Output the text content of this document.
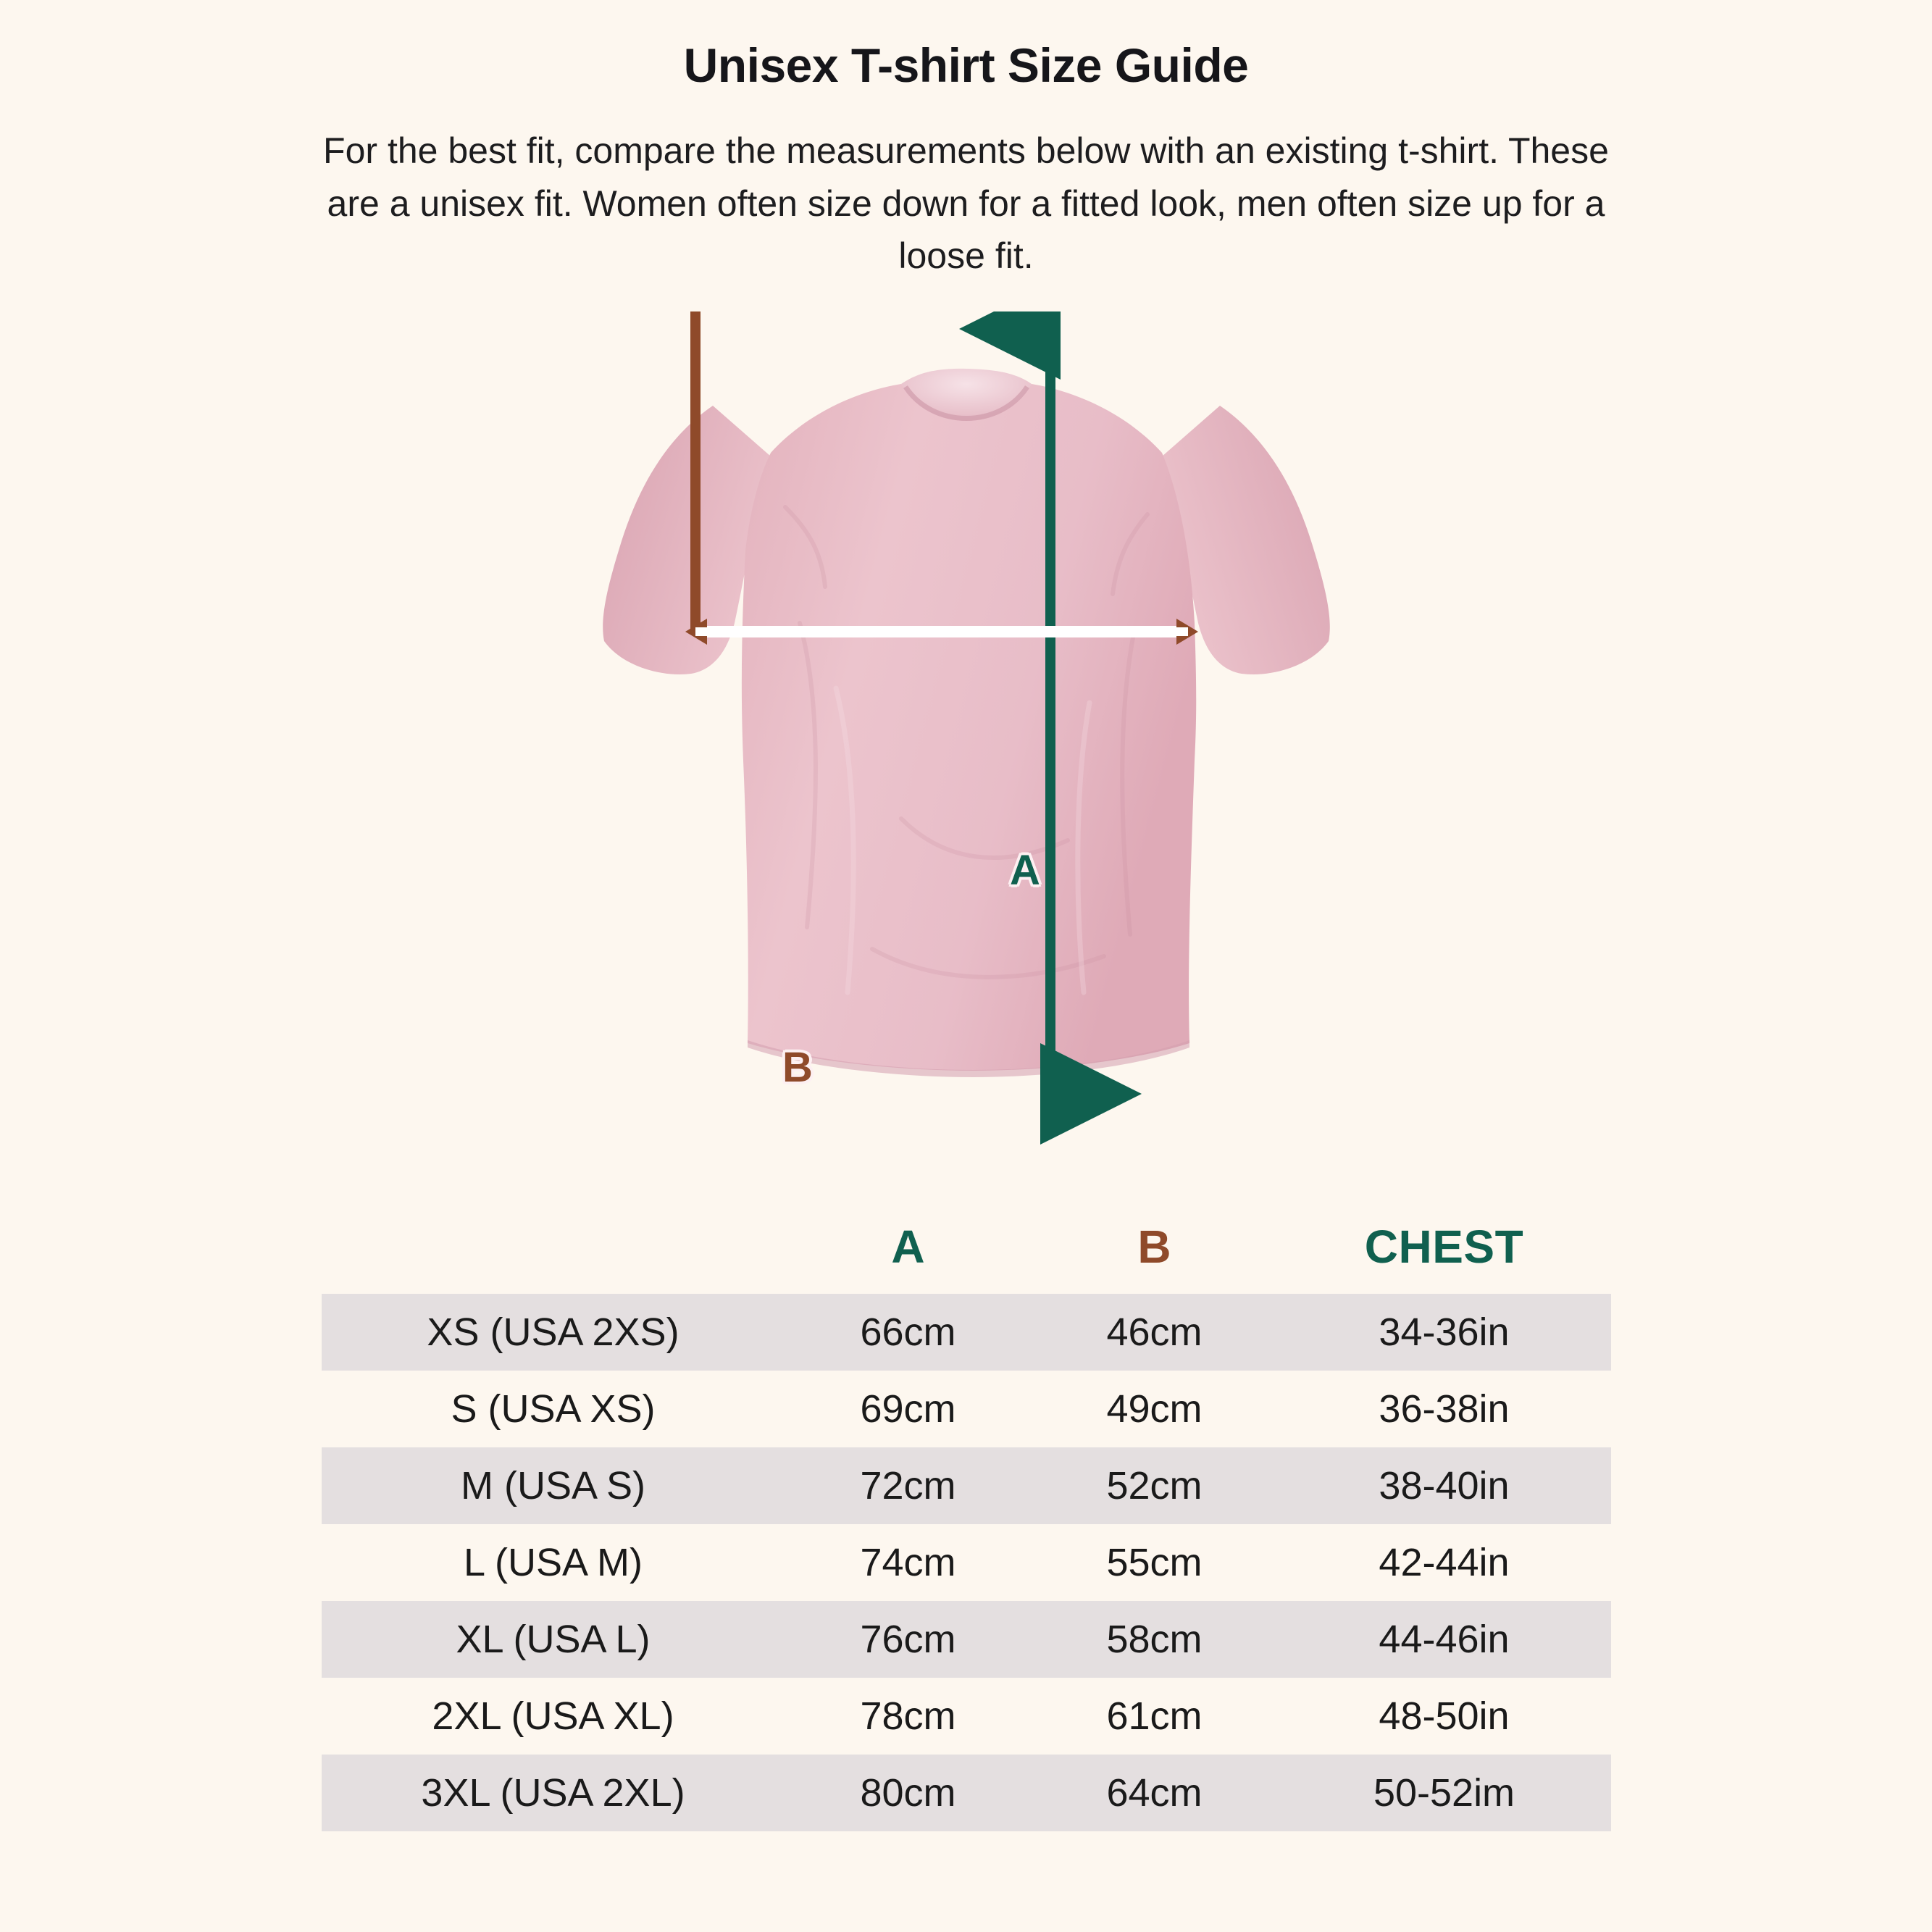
Unisex T-shirt Size Guide

For the best fit, compare the measurements below with an existing t-shirt. These are a unisex fit. Women often size down for a fitted look, men often size up for a loose fit.

A
B
	A	B	CHEST
XS (USA 2XS)	66cm	46cm	34-36in
S (USA XS)	69cm	49cm	36-38in
M (USA S)	72cm	52cm	38-40in
L (USA M)	74cm	55cm	42-44in
XL (USA L)	76cm	58cm	44-46in
2XL (USA XL)	78cm	61cm	48-50in
3XL (USA 2XL)	80cm	64cm	50-52im
